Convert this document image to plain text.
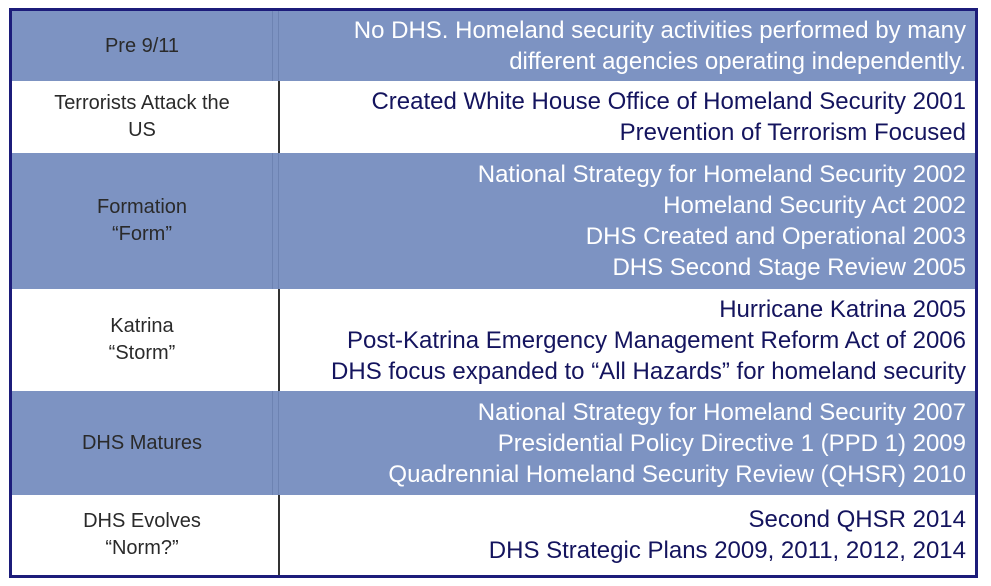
Pre 9/11
No DHS. Homeland security activities performed by many
different agencies operating independently.
Terrorists Attack the
US
Created White House Office of Homeland Security 2001
Prevention of Terrorism Focused
Formation
“Form”
National Strategy for Homeland Security 2002
Homeland Security Act 2002
DHS Created and Operational 2003
DHS Second Stage Review 2005
Katrina
“Storm”
Hurricane Katrina 2005
Post-Katrina Emergency Management Reform Act of 2006
DHS focus expanded to “All Hazards” for homeland security
DHS Matures
National Strategy for Homeland Security 2007
Presidential Policy Directive 1 (PPD 1) 2009
Quadrennial Homeland Security Review (QHSR) 2010
DHS Evolves
“Norm?”
Second QHSR 2014
DHS Strategic Plans 2009, 2011, 2012, 2014
